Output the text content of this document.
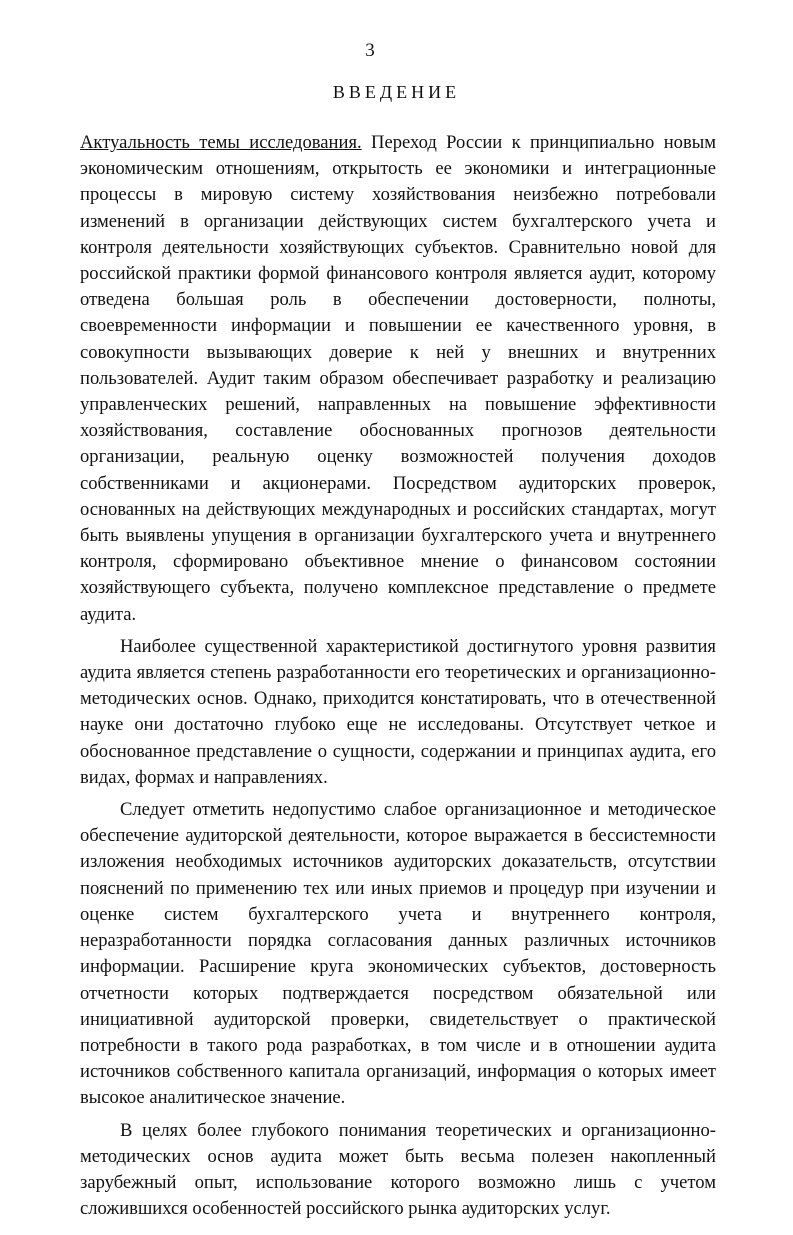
3
ВВЕДЕНИЕ

Актуальность темы исследования. Переход России к принципиально новым экономическим отношениям, открытость ее экономики и интеграционные процессы в мировую систему хозяйствования неизбежно потребовали изменений в организации действующих систем бухгалтерского учета и контроля деятельности хозяйствующих субъектов. Сравнительно новой для российской практики формой финансового контроля является аудит, которому отведена большая роль в обеспечении достоверности, полноты, своевременности информации и повышении ее качественного уровня, в совокупности вызывающих доверие к ней у внешних и внутренних пользователей. Аудит таким образом обеспечивает разработку и реализацию управленческих решений, направленных на повышение эффективности хозяйствования, составление обоснованных прогнозов деятельности организации, реальную оценку возможностей получения доходов собственниками и акционерами. Посредством аудиторских проверок, основанных на действующих международных и российских стандартах, могут быть выявлены упущения в организации бухгалтерского учета и внутреннего контроля, сформировано объективное мнение о финансовом состоянии хозяйствующего субъекта, получено комплексное представление о предмете аудита.

Наиболее существенной характеристикой достигнутого уровня развития аудита является степень разработанности его теоретических и организационно-методических основ. Однако, приходится констатировать, что в отечественной науке они достаточно глубоко еще не исследованы. Отсутствует четкое и обоснованное представление о сущности, содержании и принципах аудита, его видах, формах и направлениях.

Следует отметить недопустимо слабое организационное и методическое обеспечение аудиторской деятельности, которое выражается в бессистемности изложения необходимых источников аудиторских доказательств, отсутствии пояснений по применению тех или иных приемов и процедур при изучении и оценке систем бухгалтерского учета и внутреннего контроля, неразработанности порядка согласования данных различных источников информации. Расширение круга экономических субъектов, достоверность отчетности которых подтверждается посредством обязательной или инициативной аудиторской проверки, свидетельствует о практической потребности в такого рода разработках, в том числе и в отношении аудита источников собственного капитала организаций, информация о которых имеет высокое аналитическое значение.

В целях более глубокого понимания теоретических и организационно-методических основ аудита может быть весьма полезен накопленный зарубежный опыт, использование которого возможно лишь с учетом сложившихся особенностей российского рынка аудиторских услуг.
